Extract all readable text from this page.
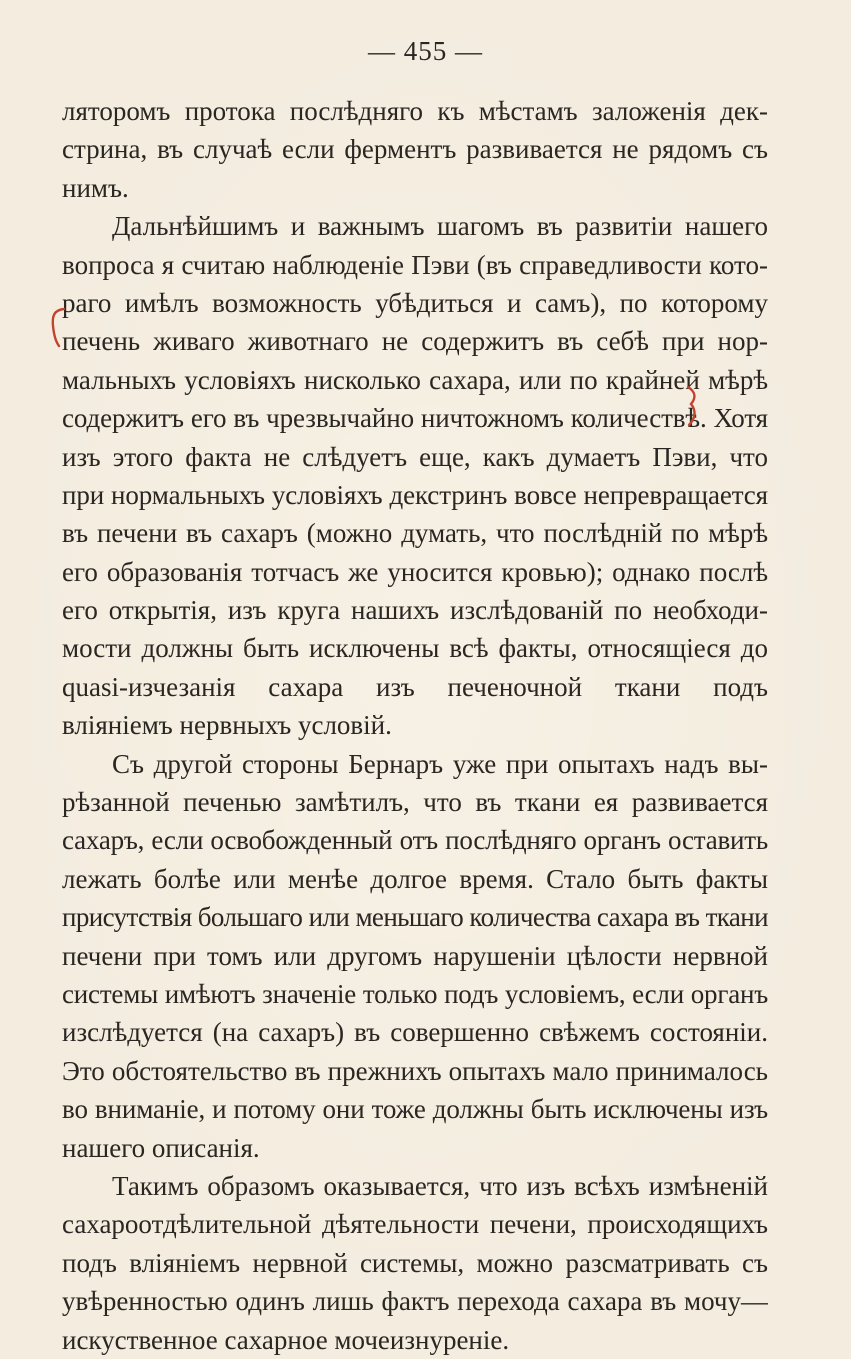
— 455 —
ляторомъ протока послѣдняго къ мѣстамъ заложенія дек-
стрина, въ случаѣ если ферментъ развивается не рядомъ съ
нимъ.
Дальнѣйшимъ и важнымъ шагомъ въ развитіи нашего
вопроса я считаю наблюденіе Пэви (въ справедливости кото-
раго имѣлъ возможность убѣдиться и самъ), по которому
печень живаго животнаго не содержитъ въ себѣ при нор-
мальныхъ условіяхъ нисколько сахара, или по крайней мѣрѣ
содержитъ его въ чрезвычайно ничтожномъ количествѣ. Хотя
изъ этого факта не слѣдуетъ еще, какъ думаетъ Пэви, что
при нормальныхъ условіяхъ декстринъ вовсе непревращается
въ печени въ сахаръ (можно думать, что послѣдній по мѣрѣ
его образованія тотчасъ же уносится кровью); однако послѣ
его открытія, изъ круга нашихъ изслѣдованій по необходи-
мости должны быть исключены всѣ факты, относящіеся до
quasi-изчезанія сахара изъ печеночной ткани подъ
вліяніемъ нервныхъ условій.
Съ другой стороны Бернаръ уже при опытахъ надъ вы-
рѣзанной печенью замѣтилъ, что въ ткани ея развивается
сахаръ, если освобожденный отъ послѣдняго органъ оставить
лежать болѣе или менѣе долгое время. Стало быть факты
присутствія большаго или меньшаго количества сахара въ ткани
печени при томъ или другомъ нарушеніи цѣлости нервной
системы имѣютъ значеніе только подъ условіемъ, если органъ
изслѣдуется (на сахаръ) въ совершенно свѣжемъ состояніи.
Это обстоятельство въ прежнихъ опытахъ мало принималось
во вниманіе, и потому они тоже должны быть исключены изъ
нашего описанія.
Такимъ образомъ оказывается, что изъ всѣхъ измѣненій
сахароотдѣлительной дѣятельности печени, происходящихъ
подъ вліяніемъ нервной системы, можно разсматривать съ
увѣренностью одинъ лишь фактъ перехода сахара въ мочу—
искуственное сахарное мочеизнуреніе.
